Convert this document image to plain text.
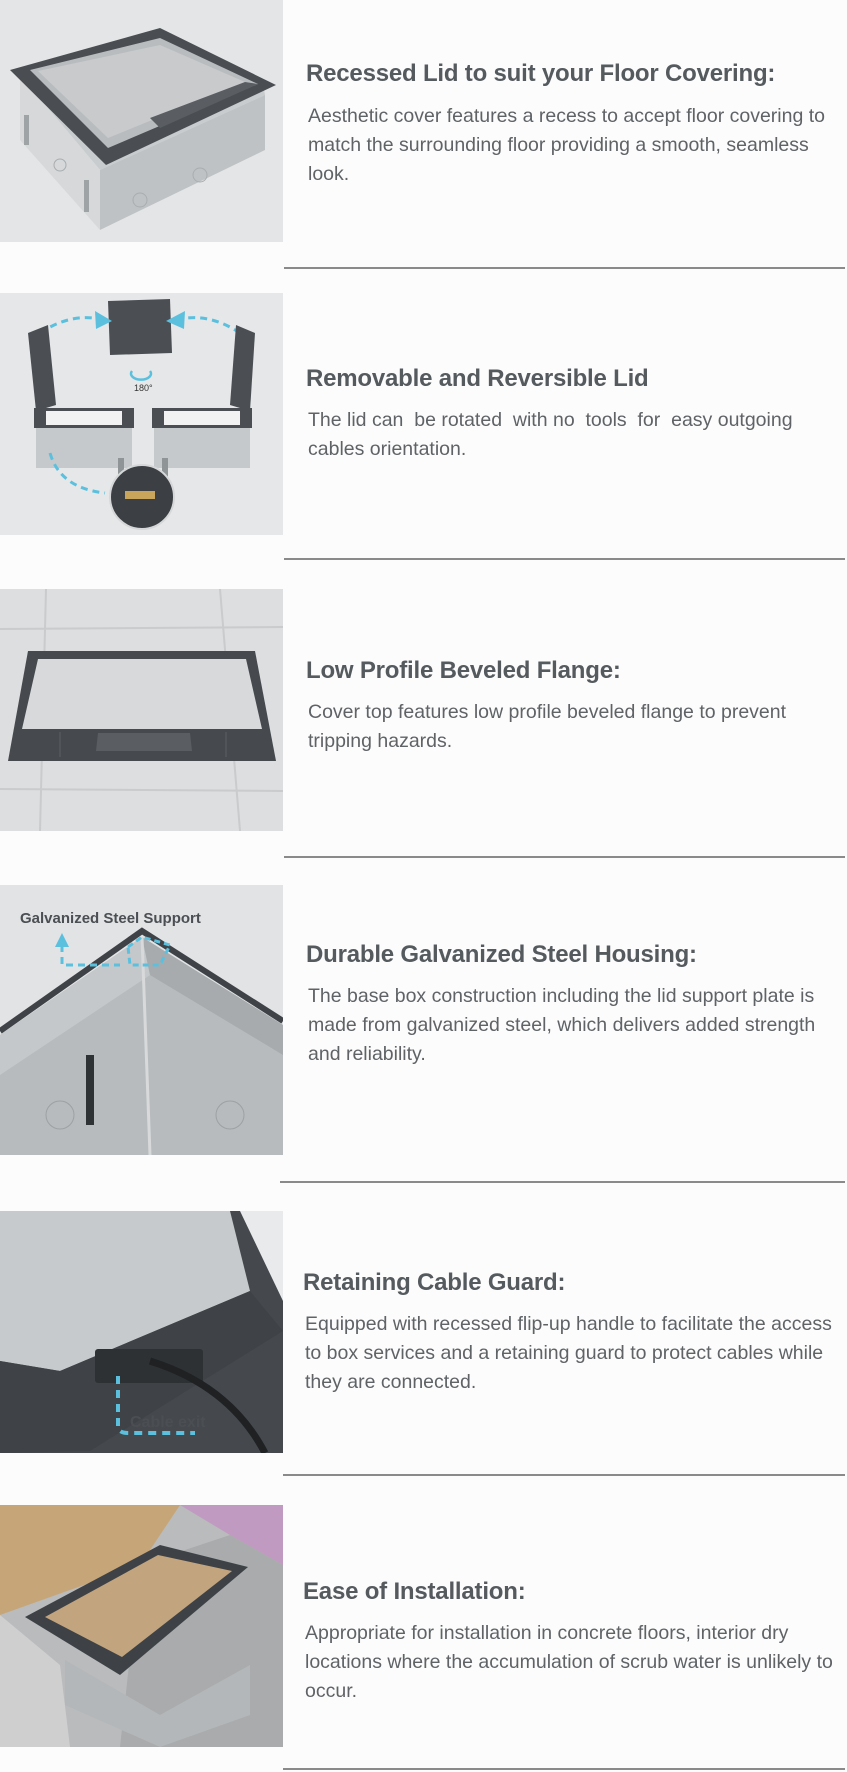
Recessed Lid to suit your Floor Covering:

Aesthetic cover features a recess to accept floor covering to match the surrounding floor providing a smooth, seamless look.

180°	Removable and Reversible Lid

The lid can  be rotated  with no  tools  for  easy outgoing cables orientation.

Low Profile Beveled Flange:

Cover top features low profile beveled flange to prevent tripping hazards.

Galvanized Steel Support
Durable Galvanized Steel Housing:

The base box construction including the lid support plate is made from galvanized steel, which delivers added strength and reliability.

Cable exit
Retaining Cable Guard:

Equipped with recessed flip-up handle to facilitate the access to box services and a retaining guard to protect cables while they are connected.

Ease of Installation:

Appropriate for installation in concrete floors, interior dry locations where the accumulation of scrub water is unlikely to occur.
